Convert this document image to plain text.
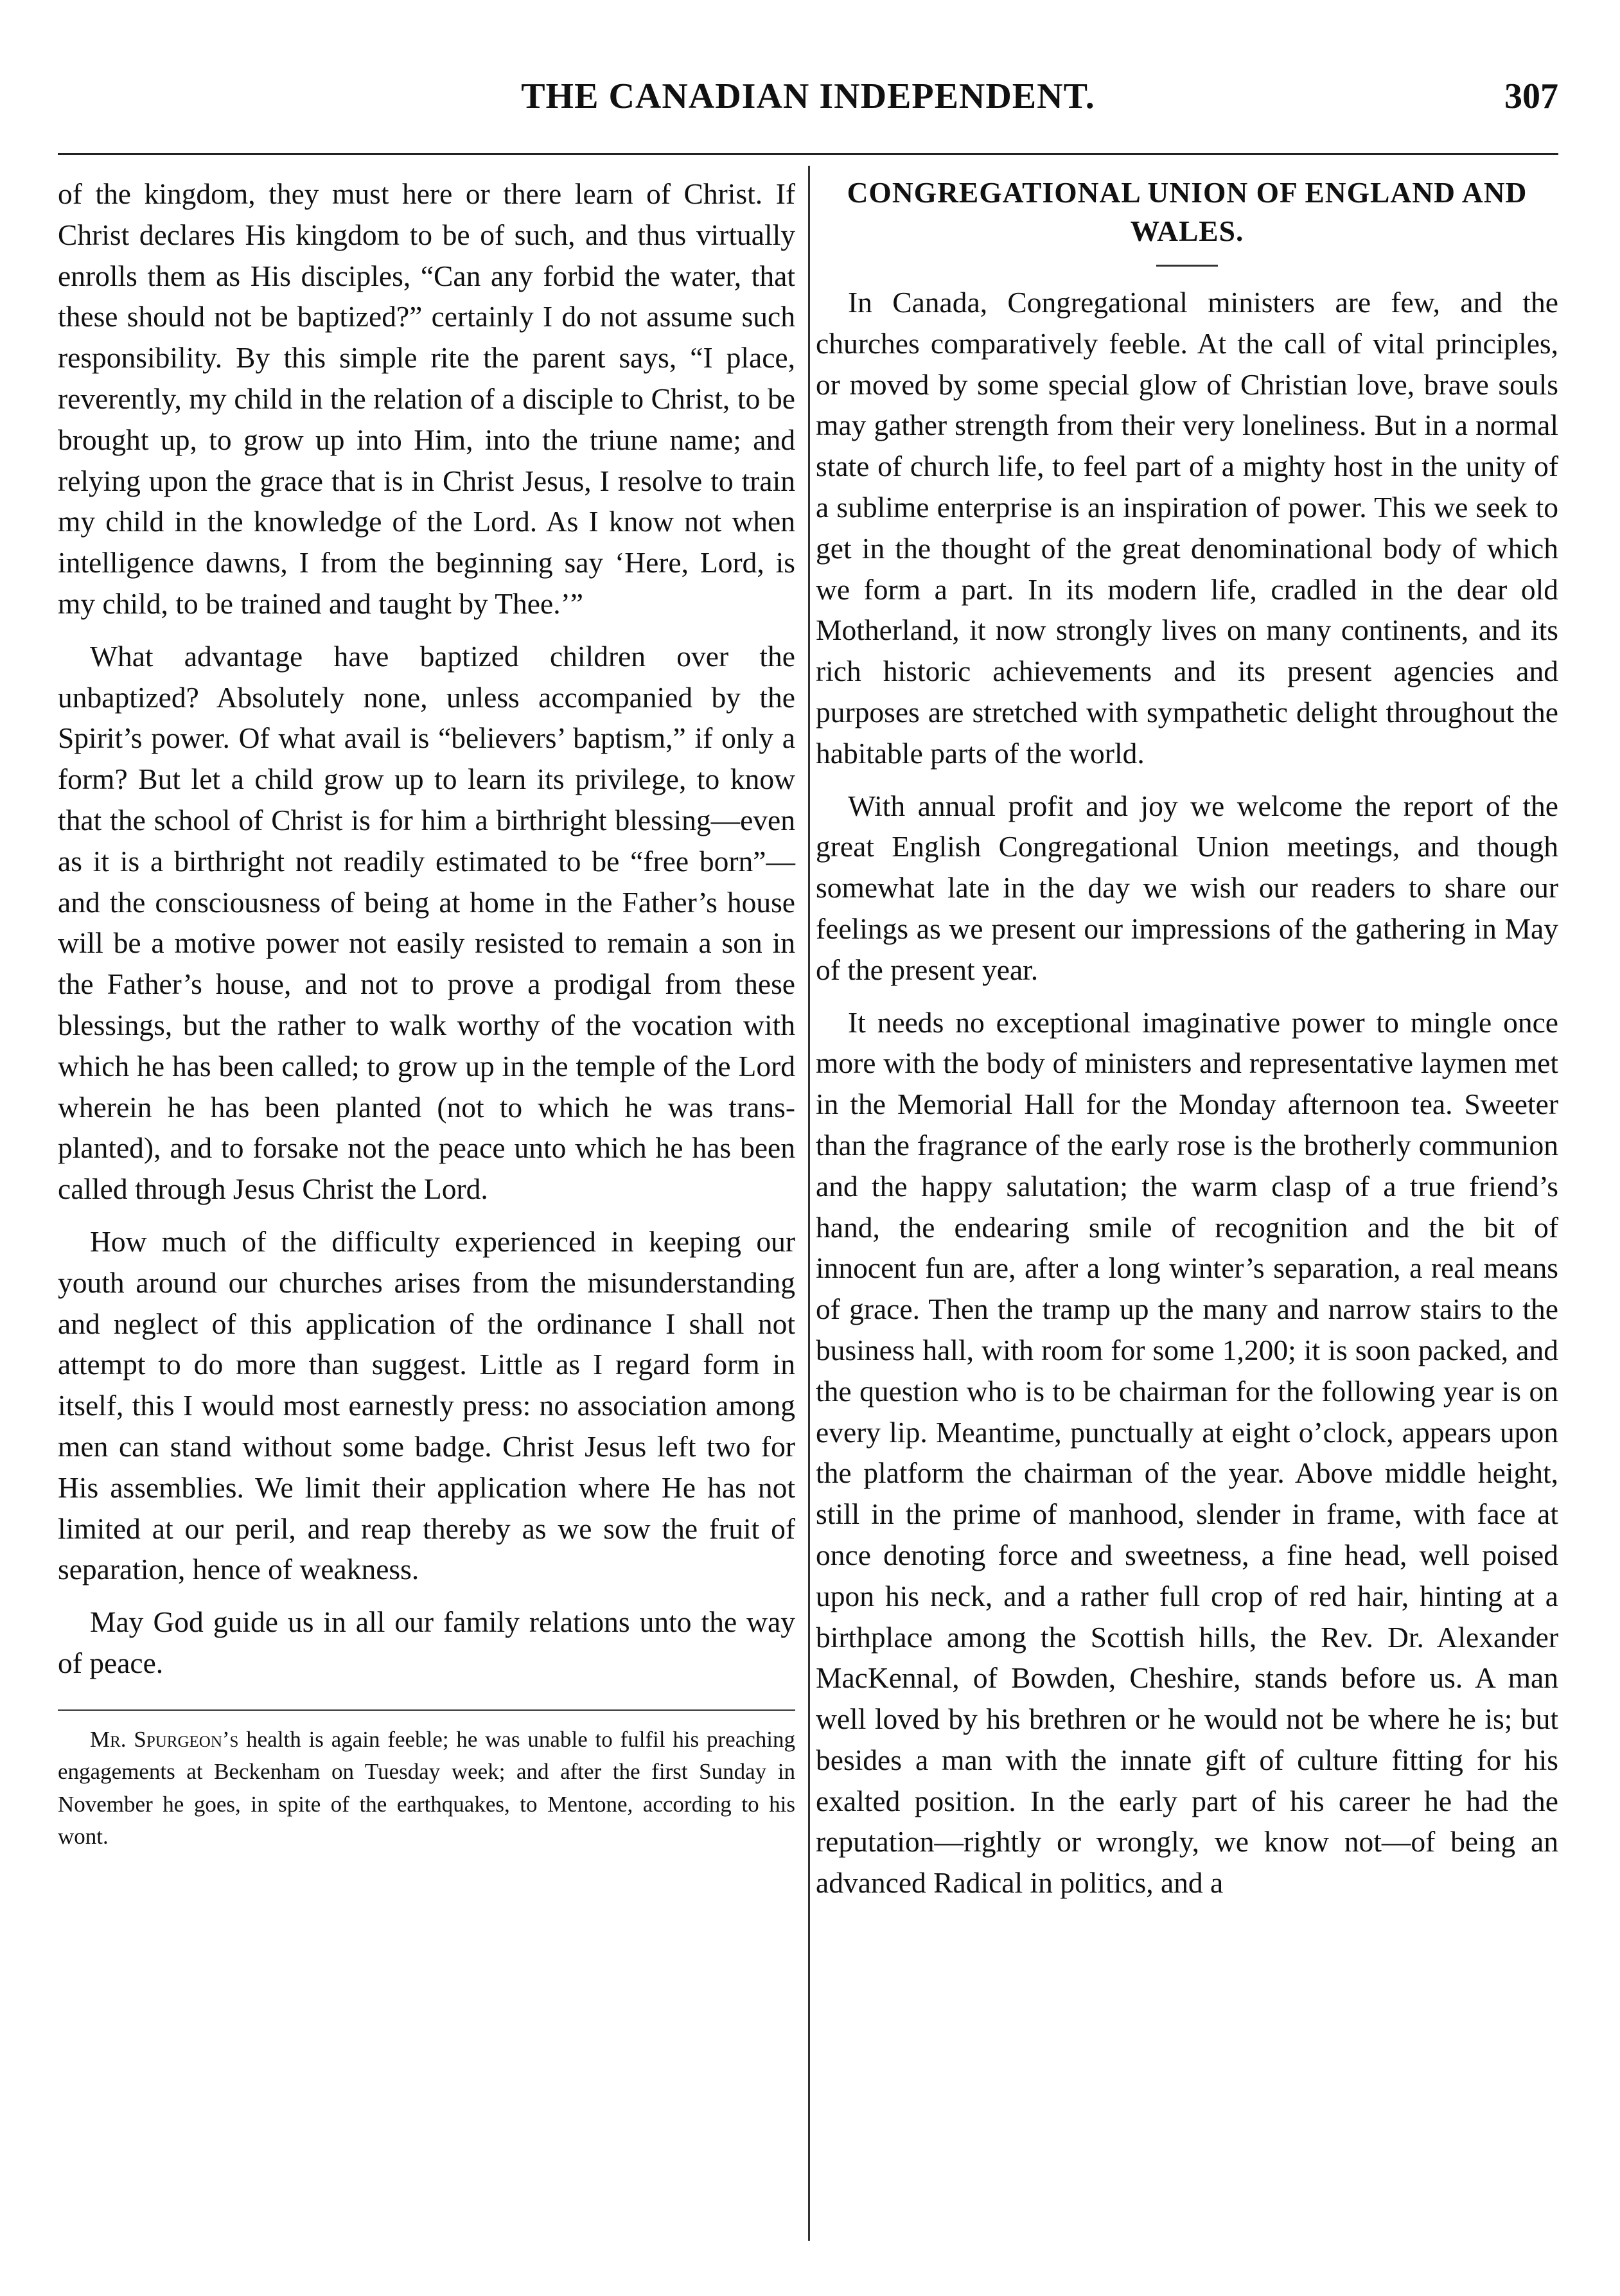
THE CANADIAN INDEPENDENT.	307

of the kingdom, they must here or there learn of Christ. If Christ declares His kingdom to be of such, and thus virtually enrolls them as His disciples, “Can any forbid the water, that these should not be baptized?” certainly I do not assume such responsibility. By this simple rite the parent says, “I place, reverently, my child in the relation of a disciple to Christ, to be brought up, to grow up into Him, into the triune name; and relying upon the grace that is in Christ Jesus, I resolve to train my child in the knowledge of the Lord. As I know not when intelligence dawns, I from the beginning say ‘Here, Lord, is my child, to be trained and taught by Thee.’”

What advantage have baptized children over the unbaptized? Absolutely none, unless accompanied by the Spirit’s power. Of what avail is “believers’ baptism,” if only a form? But let a child grow up to learn its privilege, to know that the school of Christ is for him a birthright blessing—even as it is a birthright not readily estimated to be “free born”—and the consciousness of being at home in the Father’s house will be a motive power not easily resisted to remain a son in the Father’s house, and not to prove a prodigal from these blessings, but the rather to walk worthy of the vocation with which he has been called; to grow up in the temple of the Lord wherein he has been planted (not to which he was trans-planted), and to forsake not the peace unto which he has been called through Jesus Christ the Lord.

How much of the difficulty experienced in keeping our youth around our churches arises from the misunderstanding and neglect of this application of the ordinance I shall not attempt to do more than suggest. Little as I regard form in itself, this I would most earnestly press: no association among men can stand without some badge. Christ Jesus left two for His assemblies. We limit their application where He has not limited at our peril, and reap thereby as we sow the fruit of separation, hence of weakness.

May God guide us in all our family relations unto the way of peace.

Mr. Spurgeon’s health is again feeble; he was unable to fulfil his preaching engagements at Beckenham on Tuesday week; and after the first Sunday in November he goes, in spite of the earthquakes, to Mentone, according to his wont.

CONGREGATIONAL UNION OF ENGLAND AND WALES.

In Canada, Congregational ministers are few, and the churches comparatively feeble. At the call of vital principles, or moved by some special glow of Christian love, brave souls may gather strength from their very loneliness. But in a normal state of church life, to feel part of a mighty host in the unity of a sublime enterprise is an inspiration of power. This we seek to get in the thought of the great denominational body of which we form a part. In its modern life, cradled in the dear old Motherland, it now strongly lives on many continents, and its rich historic achievements and its present agencies and purposes are stretched with sympathetic delight throughout the habitable parts of the world.

With annual profit and joy we welcome the report of the great English Congregational Union meetings, and though somewhat late in the day we wish our readers to share our feelings as we present our impressions of the gathering in May of the present year.

It needs no exceptional imaginative power to mingle once more with the body of ministers and representative laymen met in the Memorial Hall for the Monday afternoon tea. Sweeter than the fragrance of the early rose is the brotherly communion and the happy salutation; the warm clasp of a true friend’s hand, the endearing smile of recognition and the bit of innocent fun are, after a long winter’s separation, a real means of grace. Then the tramp up the many and narrow stairs to the business hall, with room for some 1,200; it is soon packed, and the question who is to be chairman for the following year is on every lip. Meantime, punctually at eight o’clock, appears upon the platform the chairman of the year. Above middle height, still in the prime of manhood, slender in frame, with face at once denoting force and sweetness, a fine head, well poised upon his neck, and a rather full crop of red hair, hinting at a birthplace among the Scottish hills, the Rev. Dr. Alexander MacKennal, of Bowden, Cheshire, stands before us. A man well loved by his brethren or he would not be where he is; but besides a man with the innate gift of culture fitting for his exalted position. In the early part of his career he had the reputation—rightly or wrongly, we know not—of being an advanced Radical in politics, and a
